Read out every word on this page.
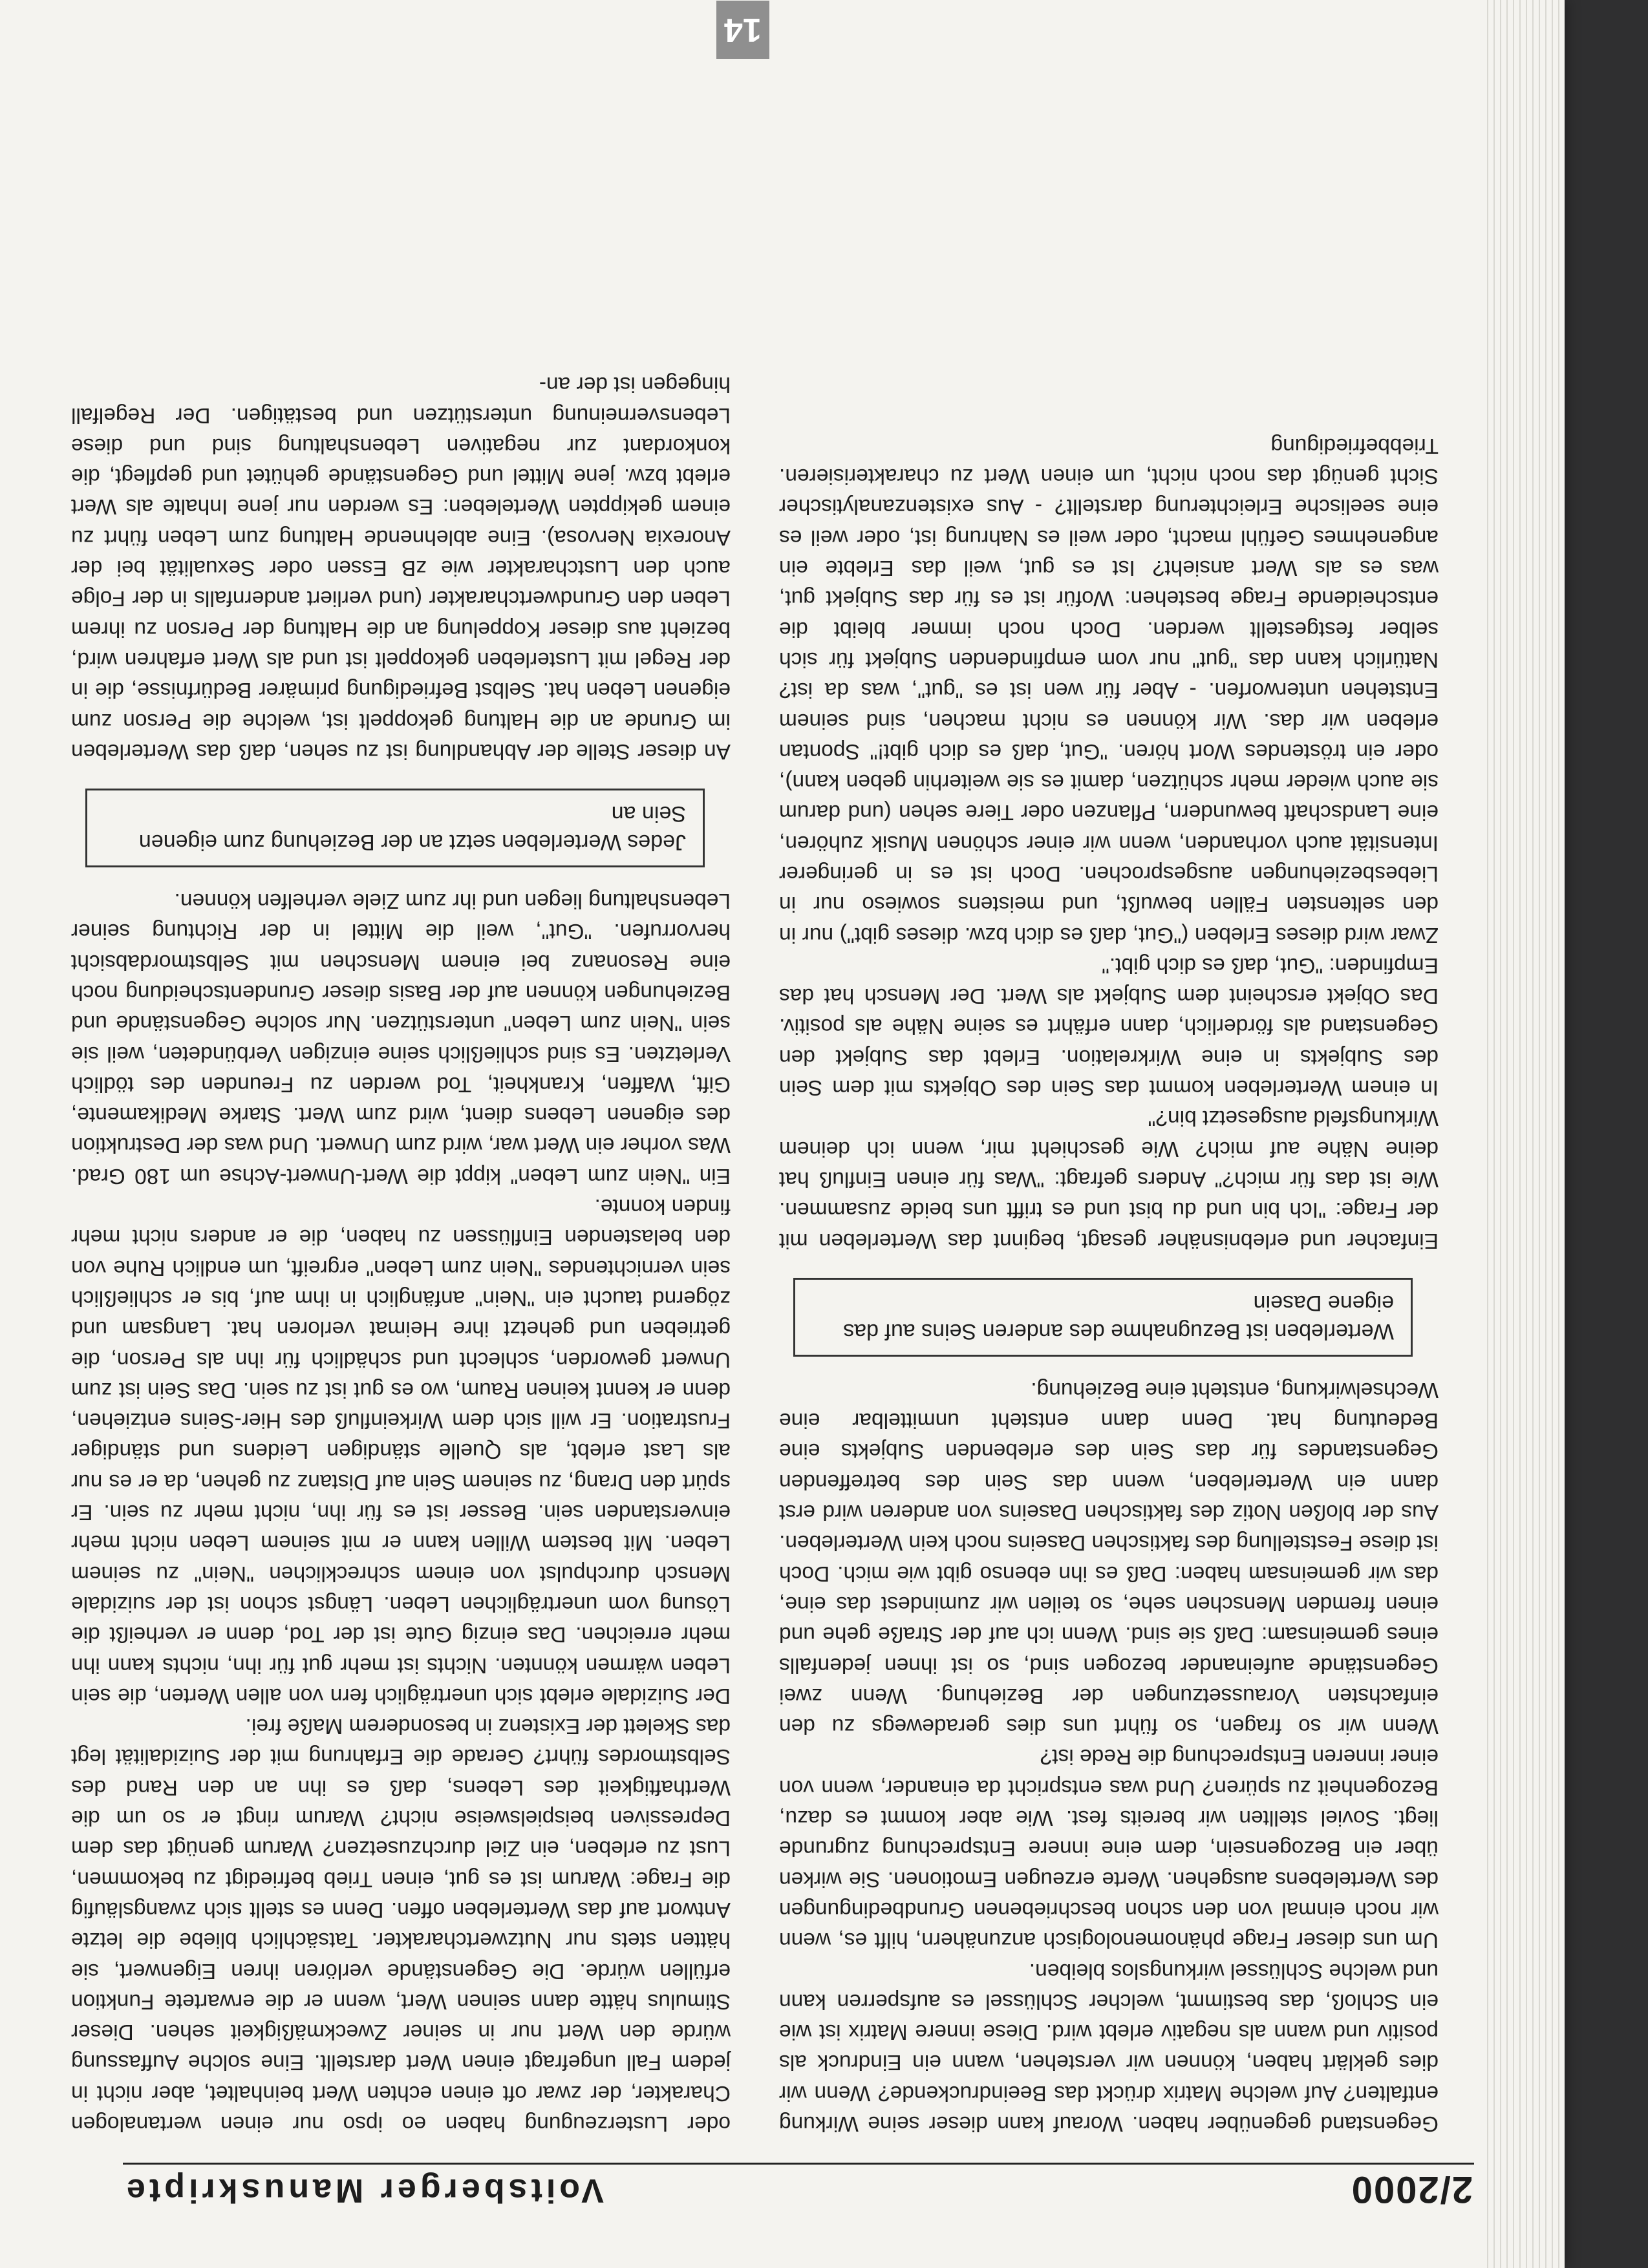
2/2000
Voitsberger Manuskripte

Gegenstand gegenüber haben. Worauf kann dieser seine Wirkung entfalten? Auf welche Matrix drückt das Beeindruckende? Wenn wir dies geklärt haben, können wir verstehen, wann ein Eindruck als positiv und wann als negativ erlebt wird. Diese innere Matrix ist wie ein Schloß, das bestimmt, welcher Schlüssel es aufsperren kann und welche Schlüssel wirkungslos bleiben.

Um uns dieser Frage phänomenologisch anzunähern, hilft es, wenn wir noch einmal von den schon beschriebenen Grundbedingungen des Wertelebens ausgehen. Werte erzeugen Emotionen. Sie wirken über ein Bezogensein, dem eine innere Entsprechung zugrunde liegt. Soviel stellten wir bereits fest. Wie aber kommt es dazu, Bezogenheit zu spüren? Und was entspricht da einander, wenn von einer inneren Entsprechung die Rede ist?

Wenn wir so fragen, so führt uns dies geradewegs zu den einfachsten Voraussetzungen der Beziehung. Wenn zwei Gegenstände aufeinander bezogen sind, so ist ihnen jedenfalls eines gemeinsam: Daß sie sind. Wenn ich auf der Straße gehe und einen fremden Menschen sehe, so teilen wir zumindest das eine, das wir gemeinsam haben: Daß es ihn ebenso gibt wie mich. Doch ist diese Feststellung des faktischen Daseins noch kein Werterleben. Aus der bloßen Notiz des faktischen Daseins von anderen wird erst dann ein Werterleben, wenn das Sein des betreffenden Gegenstandes für das Sein des erlebenden Subjekts eine Bedeutung hat. Denn dann entsteht unmittelbar eine Wechselwirkung, entsteht eine Beziehung.

Werterleben ist Bezugnahme des anderen Seins auf das eigene Dasein

Einfacher und erlebnisnäher gesagt, beginnt das Werterleben mit der Frage: "Ich bin und du bist und es trifft uns beide zusammen. Wie ist das für mich?" Anders gefragt: "Was für einen Einfluß hat deine Nähe auf mich? Wie geschieht mir, wenn ich deinem Wirkungsfeld ausgesetzt bin?"

In einem Werterleben kommt das Sein des Objekts mit dem Sein des Subjekts in eine Wirkrelation. Erlebt das Subjekt den Gegenstand als förderlich, dann erfährt es seine Nähe als positiv. Das Objekt erscheint dem Subjekt als Wert. Der Mensch hat das Empfinden: "Gut, daß es dich gibt."

Zwar wird dieses Erleben ("Gut, daß es dich bzw. dieses gibt") nur in den seltensten Fällen bewußt, und meistens sowieso nur in Liebesbeziehungen ausgesprochen. Doch ist es in geringerer Intensität auch vorhanden, wenn wir einer schönen Musik zuhören, eine Landschaft bewundern, Pflanzen oder Tiere sehen (und darum sie auch wieder mehr schützen, damit es sie weiterhin geben kann), oder ein tröstendes Wort hören. "Gut, daß es dich gibt!" Spontan erleben wir das. Wir können es nicht machen, sind seinem Entstehen unterworfen. - Aber für wen ist es "gut", was da ist? Natürlich kann das "gut" nur vom empfindenden Subjekt für sich selber festgestellt werden. Doch noch immer bleibt die entscheidende Frage bestehen: Wofür ist es für das Subjekt gut, was es als Wert ansieht? Ist es gut, weil das Erlebte ein angenehmes Gefühl macht, oder weil es Nahrung ist, oder weil es eine seelische Erleichterung darstellt? - Aus existenzanalytischer Sicht genügt das noch nicht, um einen Wert zu charakterisieren. Triebbefriedigung

oder Lusterzeugung haben eo ipso nur einen wertanalogen Charakter, der zwar oft einen echten Wert beinhaltet, aber nicht in jedem Fall ungefragt einen Wert darstellt. Eine solche Auffassung würde den Wert nur in seiner Zweckmäßigkeit sehen. Dieser Stimulus hätte dann seinen Wert, wenn er die erwartete Funktion erfüllen würde. Die Gegenstände verlören ihren Eigenwert, sie hätten stets nur Nutzwertcharakter. Tatsächlich bliebe die letzte Antwort auf das Werterleben offen. Denn es stellt sich zwangsläufig die Frage: Warum ist es gut, einen Trieb befriedigt zu bekommen, Lust zu erleben, ein Ziel durchzusetzen? Warum genügt das dem Depressiven beispielsweise nicht? Warum ringt er so um die Werthaftigkeit des Lebens, daß es ihn an den Rand des Selbstmordes führt? Gerade die Erfahrung mit der Suizidalität legt das Skelett der Existenz in besonderem Maße frei.

Der Suizidale erlebt sich unerträglich fern von allen Werten, die sein Leben wärmen könnten. Nichts ist mehr gut für ihn, nichts kann ihn mehr erreichen. Das einzig Gute ist der Tod, denn er verheißt die Lösung vom unerträglichen Leben. Längst schon ist der suizidale Mensch durchpulst von einem schrecklichen "Nein" zu seinem Leben. Mit bestem Willen kann er mit seinem Leben nicht mehr einverstanden sein. Besser ist es für ihn, nicht mehr zu sein. Er spürt den Drang, zu seinem Sein auf Distanz zu gehen, da er es nur als Last erlebt, als Quelle ständigen Leidens und ständiger Frustration. Er will sich dem Wirkeinfluß des Hier-Seins entziehen, denn er kennt keinen Raum, wo es gut ist zu sein. Das Sein ist zum Unwert geworden, schlecht und schädlich für ihn als Person, die getrieben und gehetzt ihre Heimat verloren hat. Langsam und zögernd taucht ein "Nein" anfänglich in ihm auf, bis er schließlich sein vernichtendes "Nein zum Leben" ergreift, um endlich Ruhe von den belastenden Einflüssen zu haben, die er anders nicht mehr finden konnte.

Ein "Nein zum Leben" kippt die Wert-Unwert-Achse um 180 Grad. Was vorher ein Wert war, wird zum Unwert. Und was der Destruktion des eigenen Lebens dient, wird zum Wert. Starke Medikamente, Gift, Waffen, Krankheit, Tod werden zu Freunden des tödlich Verletzten. Es sind schließlich seine einzigen Verbündeten, weil sie sein "Nein zum Leben" unterstützen. Nur solche Gegenstände und Beziehungen können auf der Basis dieser Grundentscheidung noch eine Resonanz bei einem Menschen mit Selbstmordabsicht hervorrufen. "Gut", weil die Mittel in der Richtung seiner Lebenshaltung liegen und ihr zum Ziele verhelfen können.

Jedes Werterleben setzt an der Beziehung zum eigenen Sein an

An dieser Stelle der Abhandlung ist zu sehen, daß das Werterleben im Grunde an die Haltung gekoppelt ist, welche die Person zum eigenen Leben hat. Selbst Befriedigung primärer Bedürfnisse, die in der Regel mit Lusterleben gekoppelt ist und als Wert erfahren wird, bezieht aus dieser Koppelung an die Haltung der Person zu ihrem Leben den Grundwertcharakter (und verliert andernfalls in der Folge auch den Lustcharakter wie zB Essen oder Sexualität bei der Anorexia Nervosa). Eine ablehnende Haltung zum Leben führt zu einem gekippten Werteleben: Es werden nur jene Inhalte als Wert erlebt bzw. jene Mittel und Gegenstände gehütet und gepflegt, die konkordant zur negativen Lebenshaltung sind und diese Lebensverneinung unterstützen und bestätigen. Der Regelfall hingegen ist der an-

14
